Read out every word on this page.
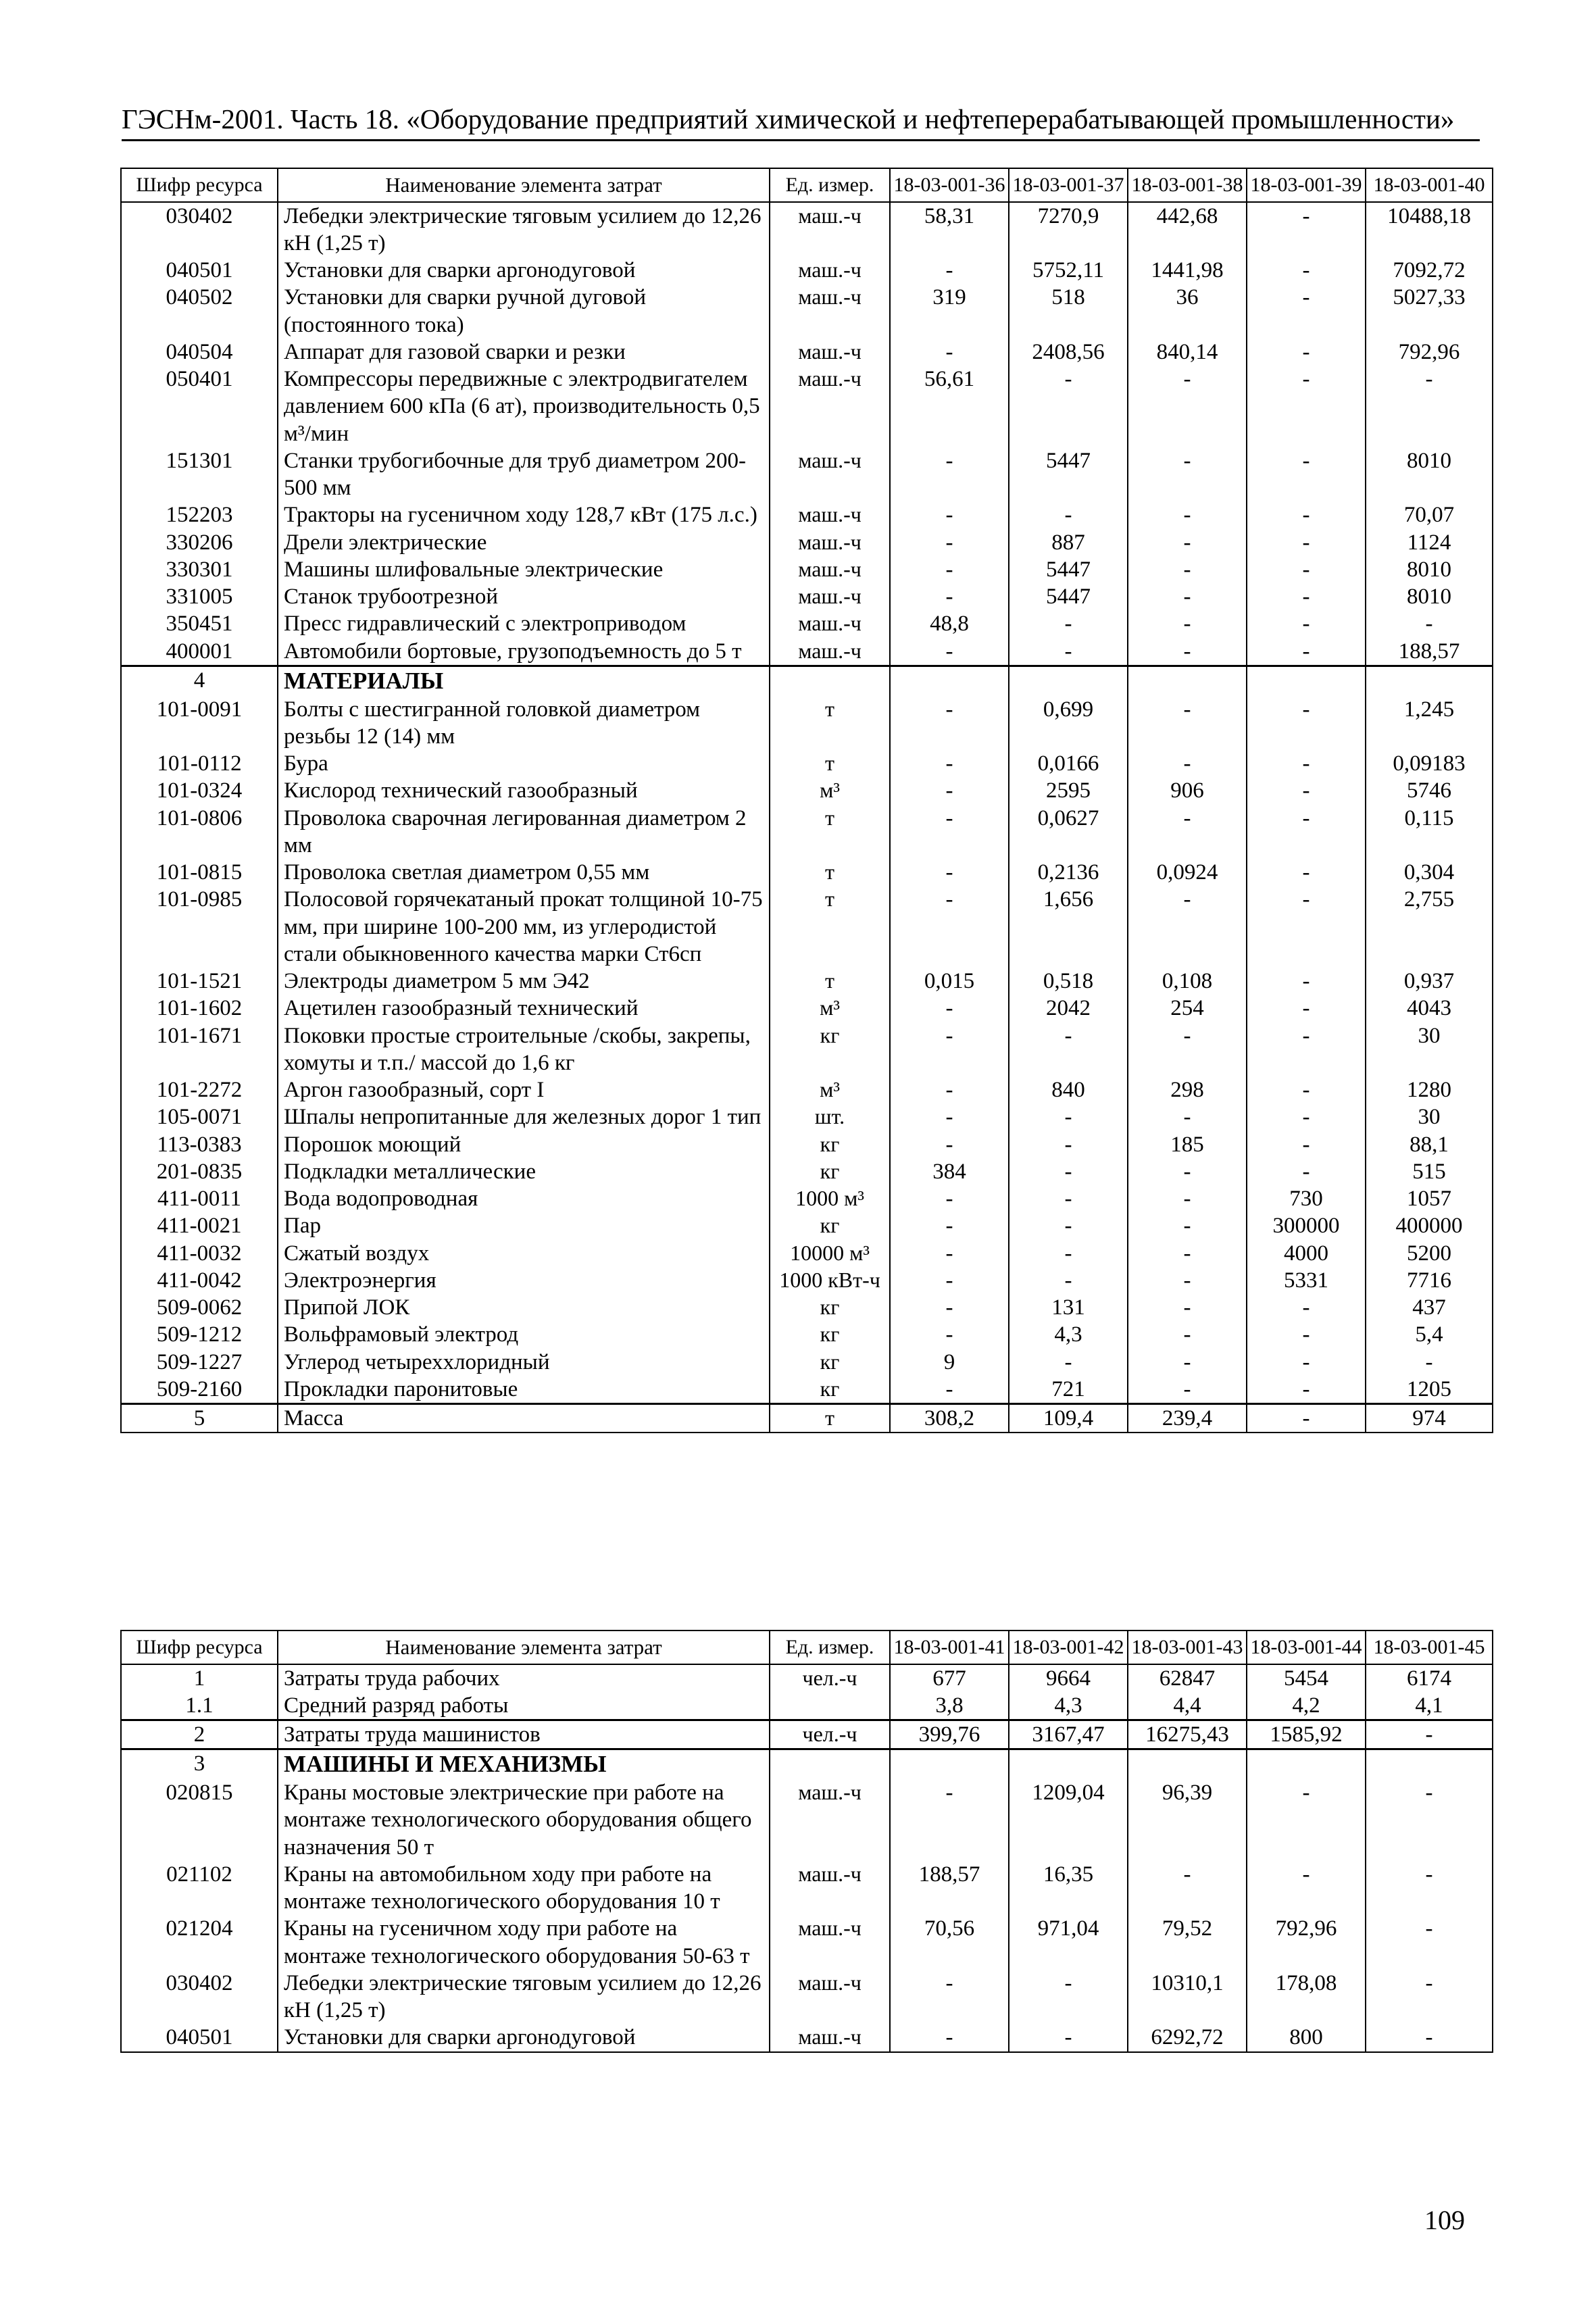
ГЭСНм-2001. Часть 18. «Оборудование предприятий химической и нефтеперерабатывающей промышленности»
Шифр ресурса	Наименование элемента затрат	Ед. измер.	18-03-001-36	18-03-001-37	18-03-001-38	18-03-001-39	18-03-001-40
030402	Лебедки электрические тяговым усилием до 12,26 кН (1,25 т)	маш.-ч	58,31	7270,9	442,68	-	10488,18
040501	Установки для сварки аргонодуговой	маш.-ч	-	5752,11	1441,98	-	7092,72
040502	Установки для сварки ручной дуговой (постоянного тока)	маш.-ч	319	518	36	-	5027,33
040504	Аппарат для газовой сварки и резки	маш.-ч	-	2408,56	840,14	-	792,96
050401	Компрессоры передвижные с электродвигателем давлением 600 кПа (6 ат), производительность 0,5 м³/мин	маш.-ч	56,61	-	-	-	-
151301	Станки трубогибочные для труб диаметром 200-500 мм	маш.-ч	-	5447	-	-	8010
152203	Тракторы на гусеничном ходу 128,7 кВт (175 л.с.)	маш.-ч	-	-	-	-	70,07
330206	Дрели электрические	маш.-ч	-	887	-	-	1124
330301	Машины шлифовальные электрические	маш.-ч	-	5447	-	-	8010
331005	Станок трубоотрезной	маш.-ч	-	5447	-	-	8010
350451	Пресс гидравлический с электроприводом	маш.-ч	48,8	-	-	-	-
400001	Автомобили бортовые, грузоподъемность до 5 т	маш.-ч	-	-	-	-	188,57
4	МАТЕРИАЛЫ						
101-0091	Болты с шестигранной головкой диаметром резьбы 12 (14) мм	т	-	0,699	-	-	1,245
101-0112	Бура	т	-	0,0166	-	-	0,09183
101-0324	Кислород технический газообразный	м³	-	2595	906	-	5746
101-0806	Проволока сварочная легированная диаметром 2 мм	т	-	0,0627	-	-	0,115
101-0815	Проволока светлая диаметром 0,55 мм	т	-	0,2136	0,0924	-	0,304
101-0985	Полосовой горячекатаный прокат толщиной 10-75 мм, при ширине 100-200 мм, из углеродистой стали обыкновенного качества марки Ст6сп	т	-	1,656	-	-	2,755
101-1521	Электроды диаметром 5 мм Э42	т	0,015	0,518	0,108	-	0,937
101-1602	Ацетилен газообразный технический	м³	-	2042	254	-	4043
101-1671	Поковки простые строительные /скобы, закрепы, хомуты и т.п./ массой до 1,6 кг	кг	-	-	-	-	30
101-2272	Аргон газообразный, сорт I	м³	-	840	298	-	1280
105-0071	Шпалы непропитанные для железных дорог 1 тип	шт.	-	-	-	-	30
113-0383	Порошок моющий	кг	-	-	185	-	88,1
201-0835	Подкладки металлические	кг	384	-	-	-	515
411-0011	Вода водопроводная	1000 м³	-	-	-	730	1057
411-0021	Пар	кг	-	-	-	300000	400000
411-0032	Сжатый воздух	10000 м³	-	-	-	4000	5200
411-0042	Электроэнергия	1000 кВт-ч	-	-	-	5331	7716
509-0062	Припой ЛОК	кг	-	131	-	-	437
509-1212	Вольфрамовый электрод	кг	-	4,3	-	-	5,4
509-1227	Углерод четыреххлоридный	кг	9	-	-	-	-
509-2160	Прокладки паронитовые	кг	-	721	-	-	1205
5	Масса	т	308,2	109,4	239,4	-	974
Шифр ресурса	Наименование элемента затрат	Ед. измер.	18-03-001-41	18-03-001-42	18-03-001-43	18-03-001-44	18-03-001-45
1	Затраты труда рабочих	чел.-ч	677	9664	62847	5454	6174
1.1	Средний разряд работы		3,8	4,3	4,4	4,2	4,1
2	Затраты труда машинистов	чел.-ч	399,76	3167,47	16275,43	1585,92	-
3	МАШИНЫ И МЕХАНИЗМЫ						
020815	Краны мостовые электрические при работе на монтаже технологического оборудования общего назначения 50 т	маш.-ч	-	1209,04	96,39	-	-
021102	Краны на автомобильном ходу при работе на монтаже технологического оборудования 10 т	маш.-ч	188,57	16,35	-	-	-
021204	Краны на гусеничном ходу при работе на монтаже технологического оборудования 50-63 т	маш.-ч	70,56	971,04	79,52	792,96	-
030402	Лебедки электрические тяговым усилием до 12,26 кН (1,25 т)	маш.-ч	-	-	10310,1	178,08	-
040501	Установки для сварки аргонодуговой	маш.-ч	-	-	6292,72	800	-
109
